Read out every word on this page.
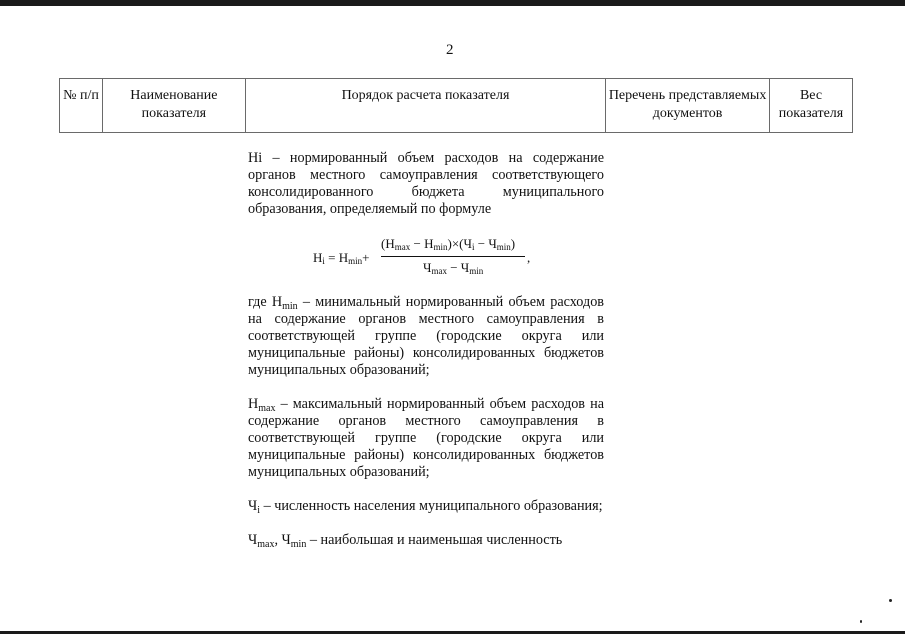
2
№ п/п	Наименование показателя	Порядок расчета показателя	Перечень представляемых документов	Вес показателя
Нi – нормированный объем расходов на содержание органов местного самоуправления соответствующего консолидированного бюджета муниципального образования, определяемый по формуле
$Н_i = Н_{min}+$
$(Н_{max} - Н_{min})\times(Ч_i - Ч_{min})$
$Ч_{max} - Ч_{min}$
,
где $Н_{min}$ – минимальный нормированный объем расходов на содержание органов местного самоуправления в соответствующей группе (городские округа или муниципальные районы) консолидированных бюджетов муниципальных образований;
$Н_{max}$ – максимальный нормированный объем расходов на содержание органов местного самоуправления в соответствующей группе (городские округа или муниципальные районы) консолидированных бюджетов муниципальных образований;
$Ч_i$ – численность населения муниципального образования;
$Ч_{max}$, $Ч_{min}$ – наибольшая и наименьшая численность
